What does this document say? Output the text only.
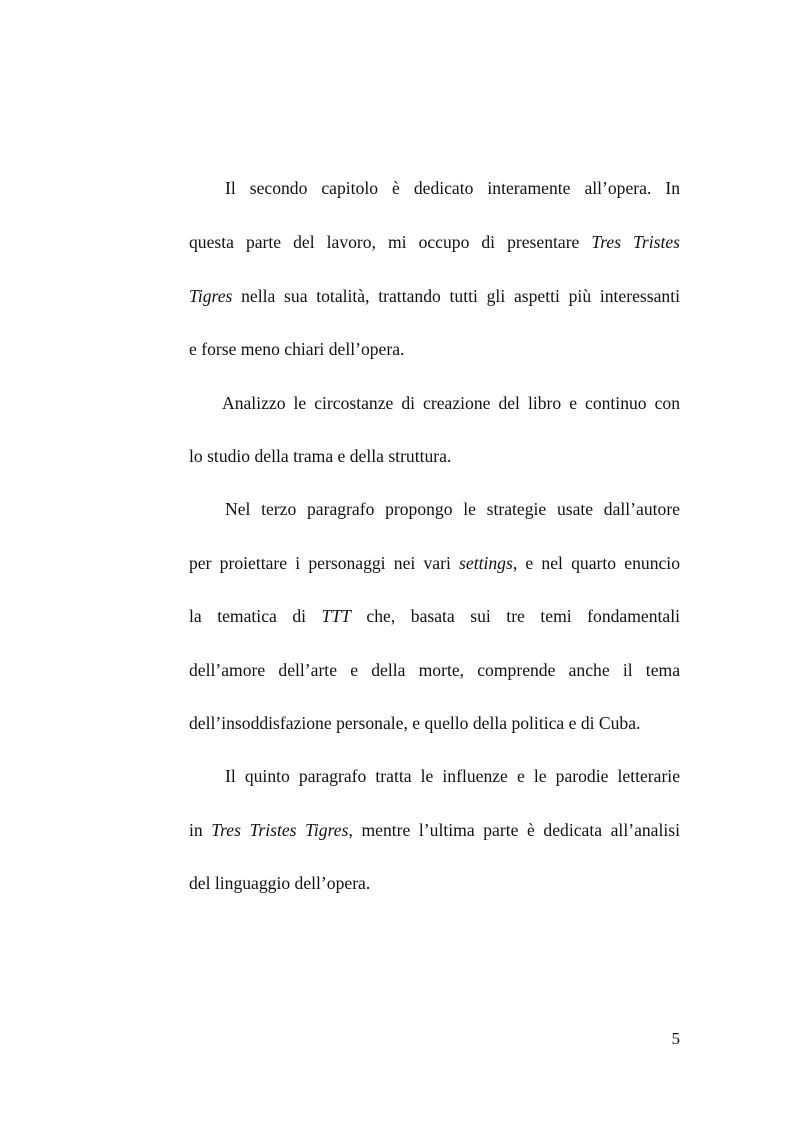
Il secondo capitolo è dedicato interamente all’opera. In
questa parte del lavoro, mi occupo di presentare Tres Tristes
Tigres nella sua totalità, trattando tutti gli aspetti più interessanti
e forse meno chiari dell’opera.
Analizzo le circostanze di creazione del libro e continuo con
lo studio della trama e della struttura.
Nel terzo paragrafo propongo le strategie usate dall’autore
per proiettare i personaggi nei vari settings, e nel quarto enuncio
la tematica di TTT che, basata sui tre temi fondamentali
dell’amore dell’arte e della morte, comprende anche il tema
dell’insoddisfazione personale, e quello della politica e di Cuba.
Il quinto paragrafo tratta le influenze e le parodie letterarie
in Tres Tristes Tigres, mentre l’ultima parte è dedicata all’analisi
del linguaggio dell’opera.
5
